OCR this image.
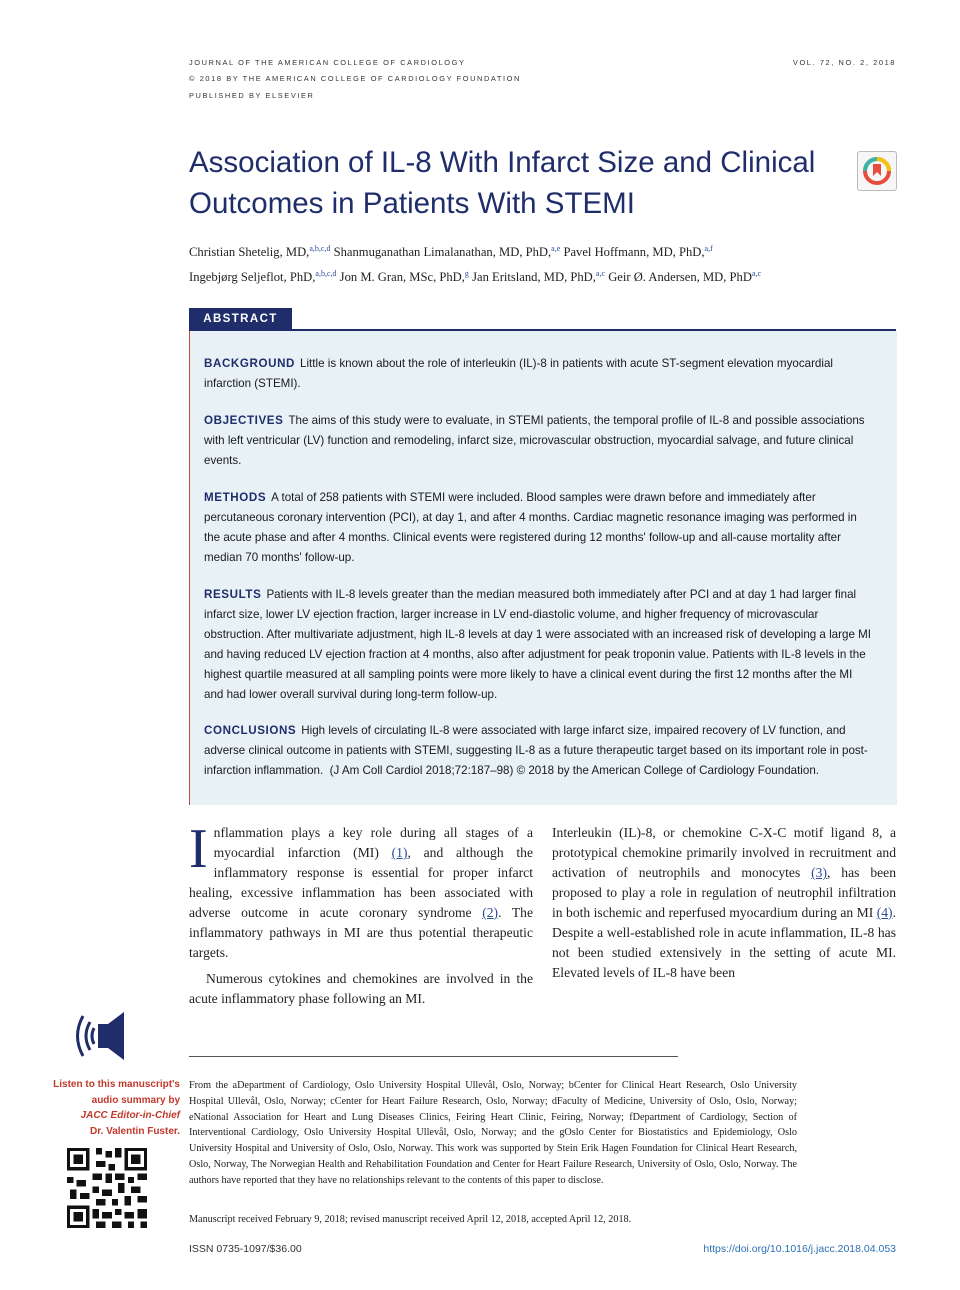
JOURNAL OF THE AMERICAN COLLEGE OF CARDIOLOGY
© 2018 BY THE AMERICAN COLLEGE OF CARDIOLOGY FOUNDATION
PUBLISHED BY ELSEVIER
VOL. 72, NO. 2, 2018
Association of IL-8 With Infarct Size and Clinical Outcomes in Patients With STEMI
Christian Shetelig, MD,$^{a,b,c,d}$ Shanmuganathan Limalanathan, MD, PhD,$^{a,e}$ Pavel Hoffmann, MD, PhD,$^{a,f}$
Ingebjørg Seljeflot, PhD,$^{a,b,c,d}$ Jon M. Gran, MSc, PhD,$^g$ Jan Eritsland, MD, PhD,$^{a,c}$ Geir Ø. Andersen, MD, PhD$^{a,c}$
ABSTRACT
BACKGROUND Little is known about the role of interleukin (IL)-8 in patients with acute ST-segment elevation myocardial infarction (STEMI).
OBJECTIVES The aims of this study were to evaluate, in STEMI patients, the temporal profile of IL-8 and possible associations with left ventricular (LV) function and remodeling, infarct size, microvascular obstruction, myocardial salvage, and future clinical events.
METHODS A total of 258 patients with STEMI were included. Blood samples were drawn before and immediately after percutaneous coronary intervention (PCI), at day 1, and after 4 months. Cardiac magnetic resonance imaging was performed in the acute phase and after 4 months. Clinical events were registered during 12 months' follow-up and all-cause mortality after median 70 months' follow-up.
RESULTS Patients with IL-8 levels greater than the median measured both immediately after PCI and at day 1 had larger final infarct size, lower LV ejection fraction, larger increase in LV end-diastolic volume, and higher frequency of microvascular obstruction. After multivariate adjustment, high IL-8 levels at day 1 were associated with an increased risk of developing a large MI and having reduced LV ejection fraction at 4 months, also after adjustment for peak troponin value. Patients with IL-8 levels in the highest quartile measured at all sampling points were more likely to have a clinical event during the first 12 months after the MI and had lower overall survival during long-term follow-up.
CONCLUSIONS High levels of circulating IL-8 were associated with large infarct size, impaired recovery of LV function, and adverse clinical outcome in patients with STEMI, suggesting IL-8 as a future therapeutic target based on its important role in post-infarction inflammation. (J Am Coll Cardiol 2018;72:187–98) © 2018 by the American College of Cardiology Foundation.

Inflammation plays a key role during all stages of a myocardial infarction (MI) (1), and although the inflammatory response is essential for proper infarct healing, excessive inflammation has been associated with adverse outcome in acute coronary syndrome (2). The inflammatory pathways in MI are thus potential therapeutic targets.

Numerous cytokines and chemokines are involved in the acute inflammatory phase following an MI.

Interleukin (IL)-8, or chemokine C-X-C motif ligand 8, a prototypical chemokine primarily involved in recruitment and activation of neutrophils and monocytes (3), has been proposed to play a role in regulation of neutrophil infiltration in both ischemic and reperfused myocardium during an MI (4). Despite a well-established role in acute inflammation, IL-8 has not been studied extensively in the setting of acute MI. Elevated levels of IL-8 have been

Listen to this manuscript's
audio summary by
JACC Editor-in-Chief
Dr. Valentin Fuster.
From the aDepartment of Cardiology, Oslo University Hospital Ullevål, Oslo, Norway; bCenter for Clinical Heart Research, Oslo University Hospital Ullevål, Oslo, Norway; cCenter for Heart Failure Research, Oslo, Norway; dFaculty of Medicine, University of Oslo, Oslo, Norway; eNational Association for Heart and Lung Diseases Clinics, Feiring Heart Clinic, Feiring, Norway; fDepartment of Cardiology, Section of Interventional Cardiology, Oslo University Hospital Ullevål, Oslo, Norway; and the gOslo Center for Biostatistics and Epidemiology, Oslo University Hospital and University of Oslo, Oslo, Norway. This work was supported by Stein Erik Hagen Foundation for Clinical Heart Research, Oslo, Norway, The Norwegian Health and Rehabilitation Foundation and Center for Heart Failure Research, University of Oslo, Oslo, Norway. The authors have reported that they have no relationships relevant to the contents of this paper to disclose.
Manuscript received February 9, 2018; revised manuscript received April 12, 2018, accepted April 12, 2018.
ISSN 0735-1097/$36.00	https://doi.org/10.1016/j.jacc.2018.04.053
